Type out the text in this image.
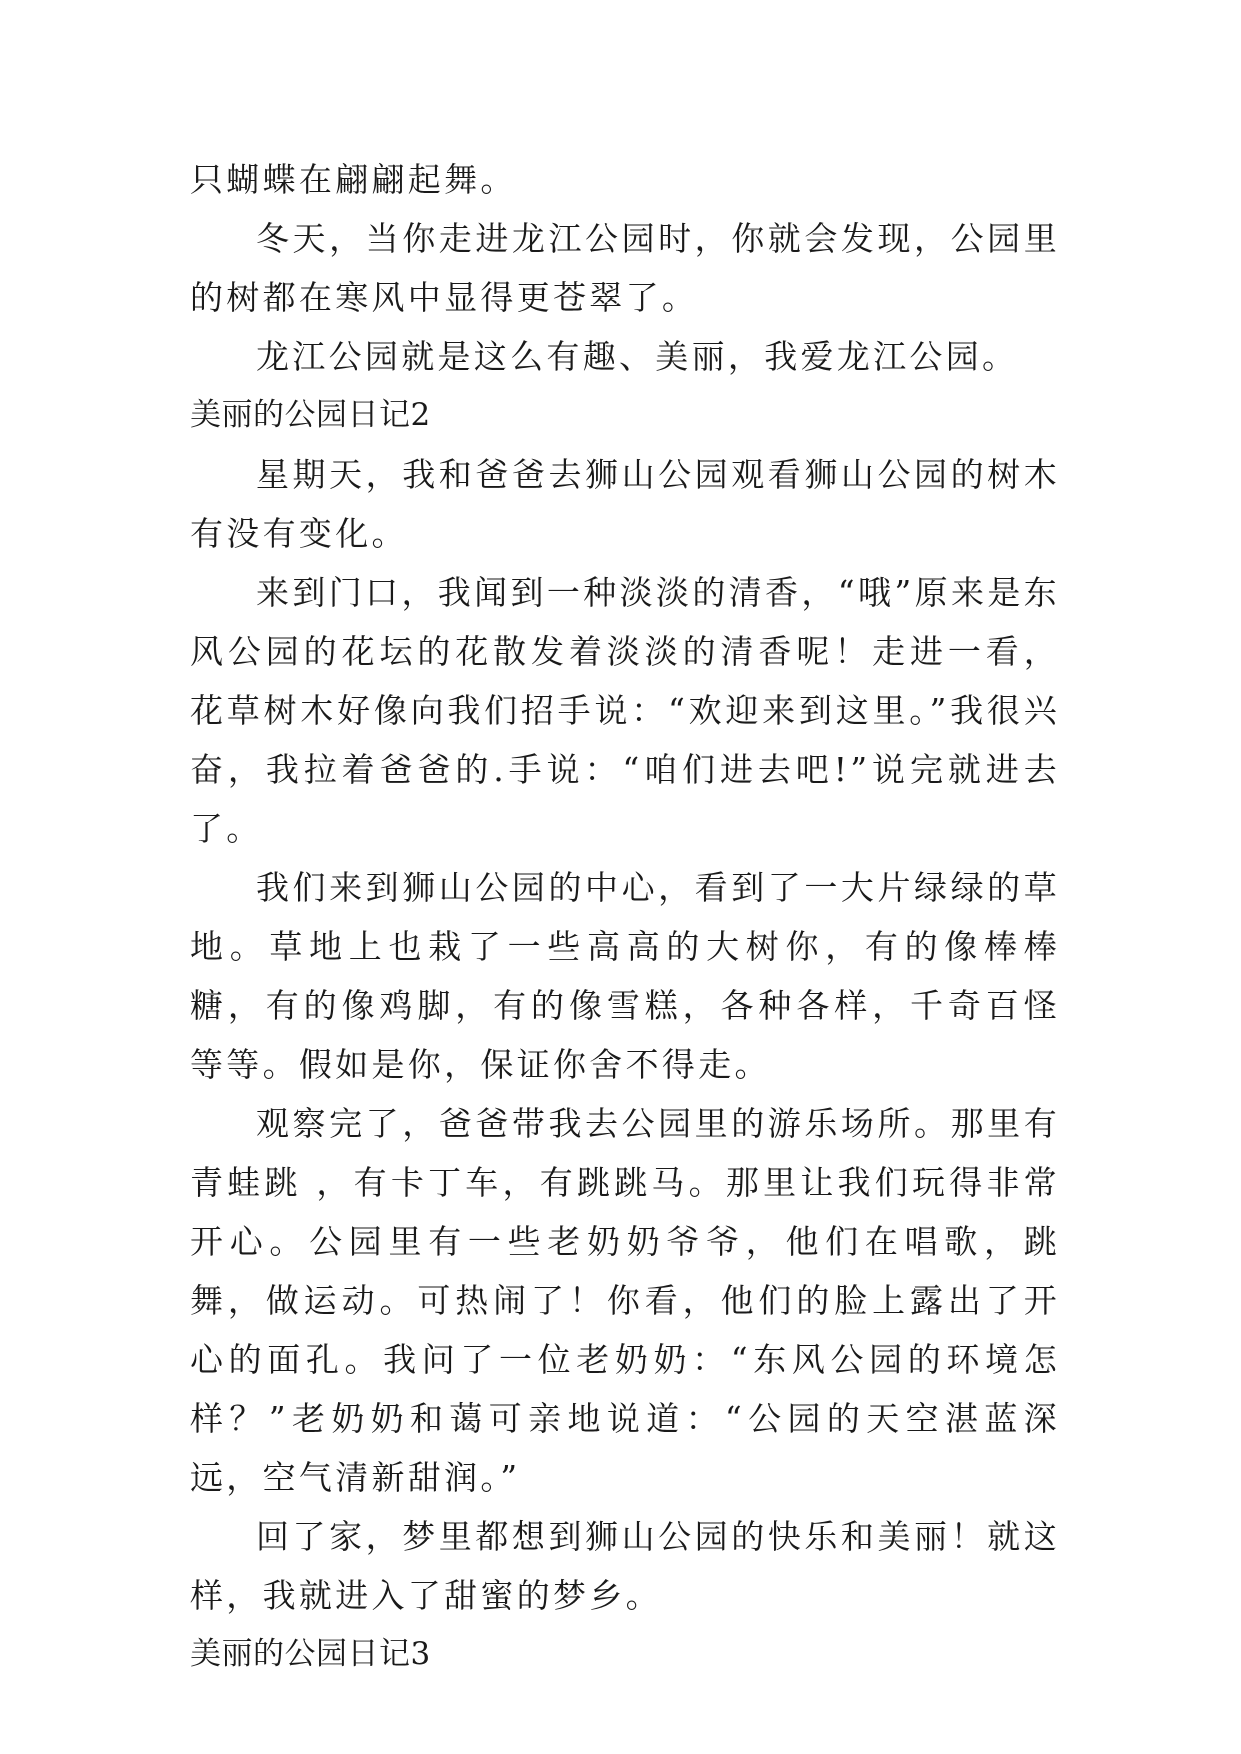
只蝴蝶在翩翩起舞。

冬天，当你走进龙江公园时，你就会发现，公园里的树都在寒风中显得更苍翠了。

龙江公园就是这么有趣、美丽，我爱龙江公园。

美丽的公园日记2

星期天，我和爸爸去狮山公园观看狮山公园的树木有没有变化。

来到门口，我闻到一种淡淡的清香，“哦”原来是东风公园的花坛的花散发着淡淡的清香呢！走进一看，花草树木好像向我们招手说：“欢迎来到这里。”我很兴奋，我拉着爸爸的.手说：“咱们进去吧!”说完就进去了。

我们来到狮山公园的中心，看到了一大片绿绿的草地。草地上也栽了一些高高的大树你，有的像棒棒糖，有的像鸡脚，有的像雪糕，各种各样，千奇百怪等等。假如是你，保证你舍不得走。

观察完了，爸爸带我去公园里的游乐场所。那里有青蛙跳 ，有卡丁车，有跳跳马。那里让我们玩得非常开心。公园里有一些老奶奶爷爷，他们在唱歌，跳舞，做运动。可热闹了！你看，他们的脸上露出了开心的面孔。我问了一位老奶奶：“东风公园的环境怎样？”老奶奶和蔼可亲地说道：“公园的天空湛蓝深远，空气清新甜润。”

回了家，梦里都想到狮山公园的快乐和美丽！就这样，我就进入了甜蜜的梦乡。

美丽的公园日记3
